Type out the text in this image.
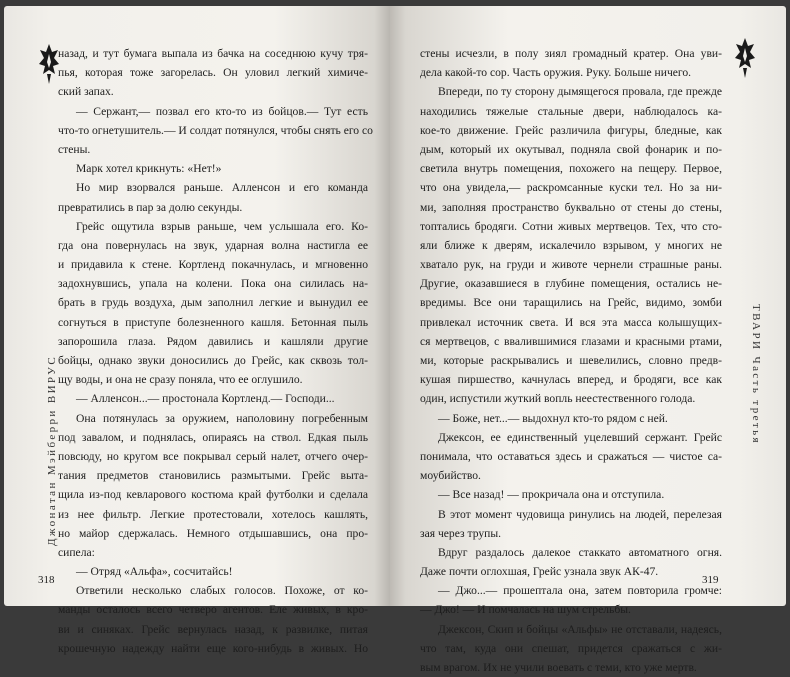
назад, и тут бумага выпала из бачка на соседнюю кучу тря-
пья, которая тоже загорелась. Он уловил легкий химиче-
ский запах.
— Сержант,— позвал его кто-то из бойцов.— Тут есть
что-то огнетушитель.— И солдат потянулся, чтобы снять его со
стены.
Марк хотел крикнуть: «Нет!»
Но мир взорвался раньше. Алленсон и его команда
превратились в пар за долю секунды.
Грейс ощутила взрыв раньше, чем услышала его. Ко-
гда она повернулась на звук, ударная волна настигла ее
и придавила к стене. Кортленд покачнулась, и мгновенно
задохнувшись, упала на колени. Пока она силилась на-
брать в грудь воздуха, дым заполнил легкие и вынудил ее
согнуться в приступе болезненного кашля. Бетонная пыль
запорошила глаза. Рядом давились и кашляли другие
бойцы, однако звуки доносились до Грейс, как сквозь тол-
щу воды, и она не сразу поняла, что ее оглушило.
— Алленсон...— простонала Кортленд.— Господи...
Она потянулась за оружием, наполовину погребенным
под завалом, и поднялась, опираясь на ствол. Едкая пыль
повсюду, но кругом все покрывал серый налет, отчего очер-
тания предметов становились размытыми. Грейс выта-
щила из-под кевларового костюма край футболки и сделала
из нее фильтр. Легкие протестовали, хотелось кашлять,
но майор сдержалась. Немного отдышавшись, она про-
сипела:
— Отряд «Альфа», сосчитайсь!
Ответили несколько слабых голосов. Похоже, от ко-
манды осталось всего четверо агентов. Еле живых, в кро-
ви и синяках. Грейс вернулась назад, к развилке, питая
крошечную надежду найти еще кого-нибудь в живых. Но
Джонатан Мэйберри ВИРУС
318
стены исчезли, в полу зиял громадный кратер. Она уви-
дела какой-то сор. Часть оружия. Руку. Больше ничего.
Впереди, по ту сторону дымящегося провала, где прежде
находились тяжелые стальные двери, наблюдалось ка-
кое-то движение. Грейс различила фигуры, бледные, как
дым, который их окутывал, подняла свой фонарик и по-
светила внутрь помещения, похожего на пещеру. Первое,
что она увидела,— раскромсанные куски тел. Но за ни-
ми, заполняя пространство буквально от стены до стены,
топтались бродяги. Сотни живых мертвецов. Тех, что сто-
яли ближе к дверям, искалечило взрывом, у многих не
хватало рук, на груди и животе чернели страшные раны.
Другие, оказавшиеся в глубине помещения, остались не-
вредимы. Все они таращились на Грейс, видимо, зомби
привлекал источник света. И вся эта масса колышущих-
ся мертвецов, с ввалившимися глазами и красными ртами,
ми, которые раскрывались и шевелились, словно предв-
кушая пиршество, качнулась вперед, и бродяги, все как
один, испустили жуткий вопль неестественного голода.
— Боже, нет...— выдохнул кто-то рядом с ней.
Джексон, ее единственный уцелевший сержант. Грейс
понимала, что оставаться здесь и сражаться — чистое са-
моубийство.
— Все назад! — прокричала она и отступила.
В этот момент чудовища ринулись на людей, перелезая
зая через трупы.
Вдруг раздалось далекое стаккато автоматного огня.
Даже почти оглохшая, Грейс узнала звук АК-47.
— Джо...— прошептала она, затем повторила громче:
— Джо! — И помчалась на шум стрельбы.
Джексон, Скип и бойцы «Альфы» не отставали, надеясь,
что там, куда они спешат, придется сражаться с жи-
вым врагом. Их не учили воевать с теми, кто уже мертв.
ТВАРИ Часть третья
319
